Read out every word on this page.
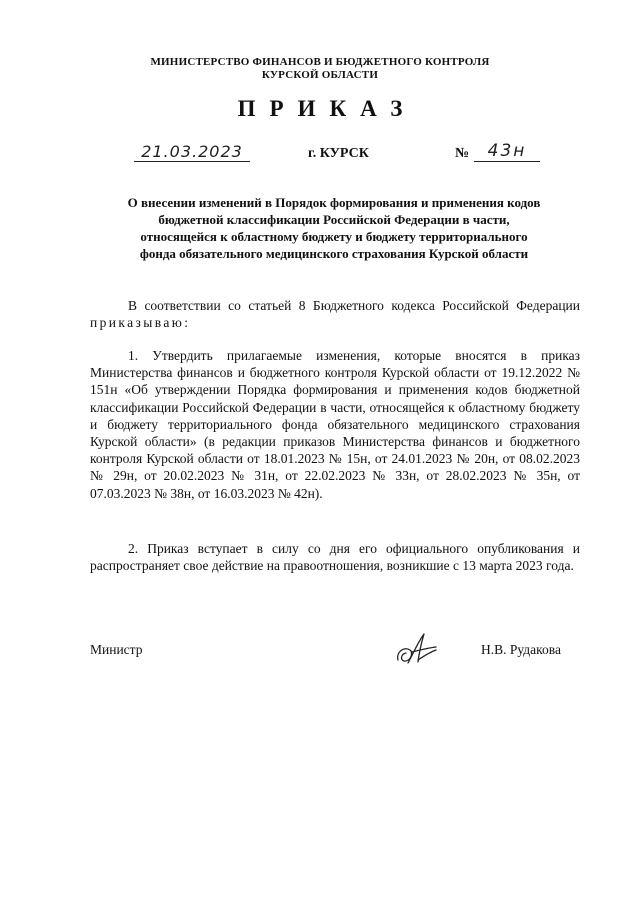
МИНИСТЕРСТВО ФИНАНСОВ И БЮДЖЕТНОГО КОНТРОЛЯ
КУРСКОЙ ОБЛАСТИ
ПРИКАЗ
21.03.2023	г. КУРСК	№	43н
О внесении изменений в Порядок формирования и применения кодов
бюджетной классификации Российской Федерации в части,
относящейся к областному бюджету и бюджету территориального
фонда обязательного медицинского страхования Курской области
В соответствии со статьей 8 Бюджетного кодекса Российской Федерации приказываю:
1. Утвердить прилагаемые изменения, которые вносятся в приказ Министерства финансов и бюджетного контроля Курской области от 19.12.2022 № 151н «Об утверждении Порядка формирования и применения кодов бюджетной классификации Российской Федерации в части, относящейся к областному бюджету и бюджету территориального фонда обязательного медицинского страхования Курской области» (в редакции приказов Министерства финансов и бюджетного контроля Курской области от 18.01.2023 № 15н, от 24.01.2023 № 20н, от 08.02.2023 № 29н, от 20.02.2023 № 31н, от 22.02.2023 № 33н, от 28.02.2023 № 35н, от 07.03.2023 № 38н, от 16.03.2023 № 42н).
2. Приказ вступает в силу со дня его официального опубликования и распространяет свое действие на правоотношения, возникшие с 13 марта 2023 года.
Министр	Н.В. Рудакова
